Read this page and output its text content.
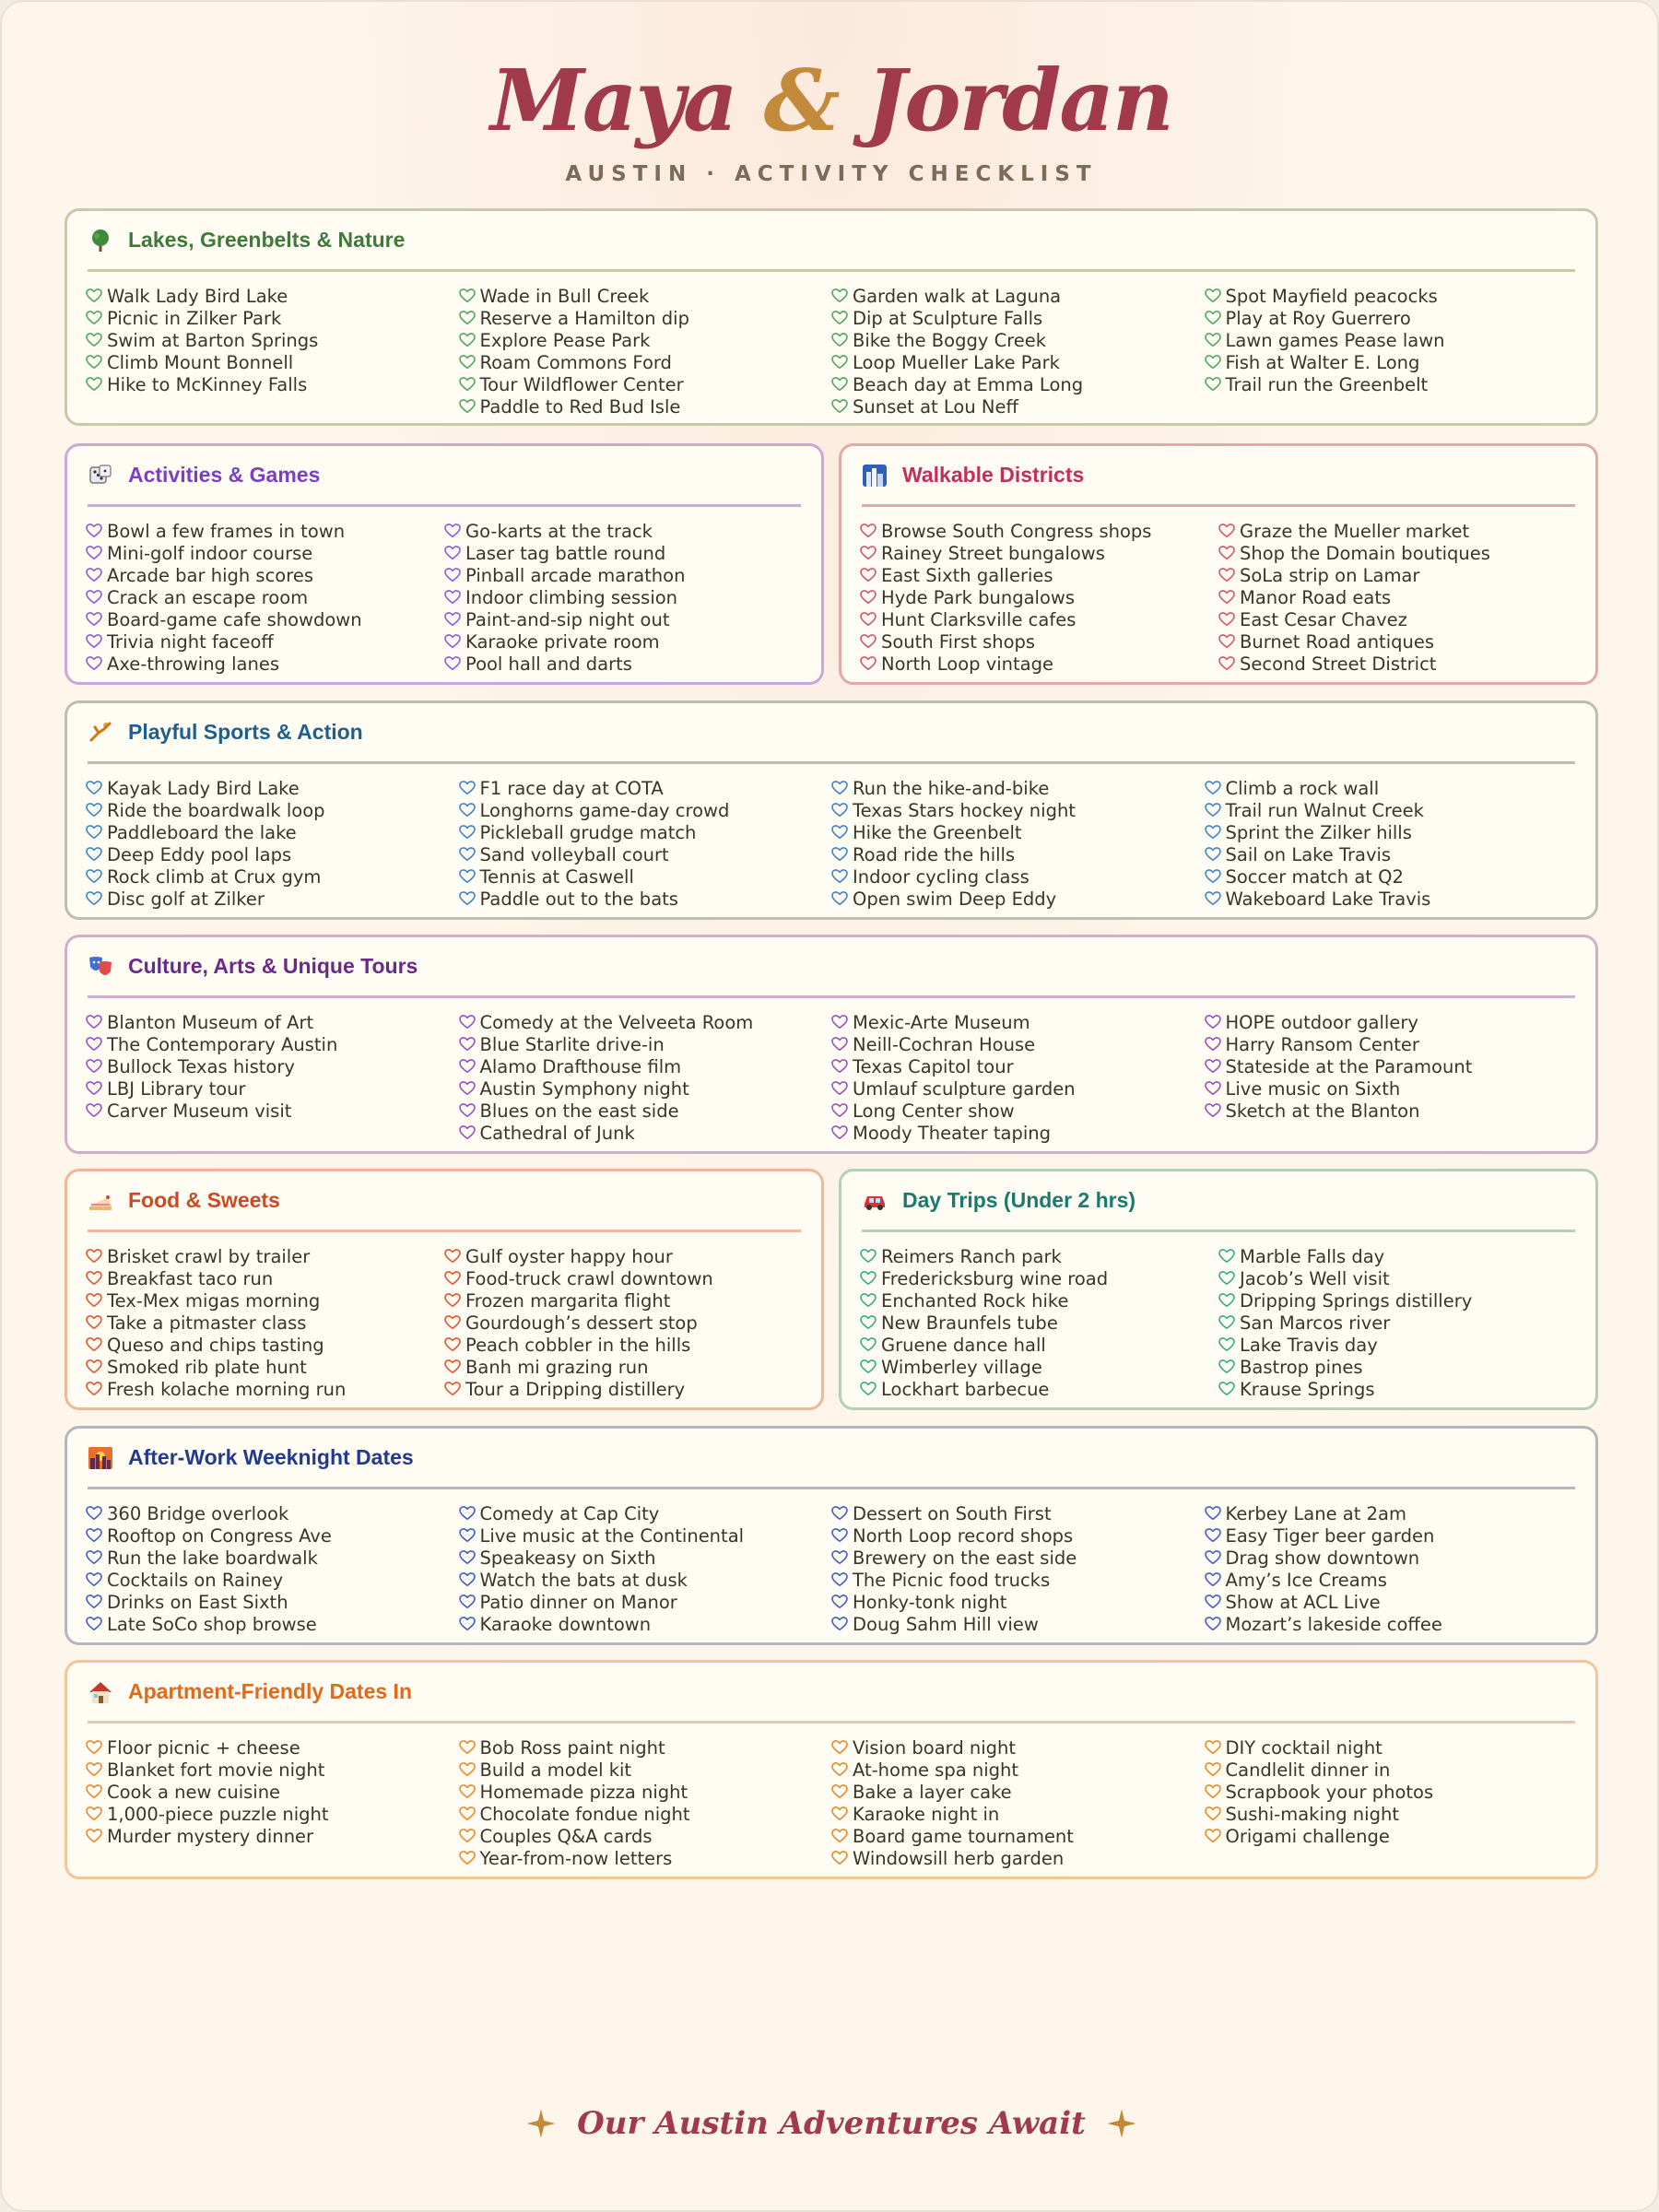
Maya & Jordan
AUSTIN · ACTIVITY CHECKLIST
Lakes, Greenbelts & Nature
Walk Lady Bird Lake
Picnic in Zilker Park
Swim at Barton Springs
Climb Mount Bonnell
Hike to McKinney Falls
Wade in Bull Creek
Reserve a Hamilton dip
Explore Pease Park
Roam Commons Ford
Tour Wildflower Center
Paddle to Red Bud Isle
Garden walk at Laguna
Dip at Sculpture Falls
Bike the Boggy Creek
Loop Mueller Lake Park
Beach day at Emma Long
Sunset at Lou Neff
Spot Mayfield peacocks
Play at Roy Guerrero
Lawn games Pease lawn
Fish at Walter E. Long
Trail run the Greenbelt
Activities & Games
Bowl a few frames in town
Mini-golf indoor course
Arcade bar high scores
Crack an escape room
Board-game cafe showdown
Trivia night faceoff
Axe-throwing lanes
Go-karts at the track
Laser tag battle round
Pinball arcade marathon
Indoor climbing session
Paint-and-sip night out
Karaoke private room
Pool hall and darts
Walkable Districts
Browse South Congress shops
Rainey Street bungalows
East Sixth galleries
Hyde Park bungalows
Hunt Clarksville cafes
South First shops
North Loop vintage
Graze the Mueller market
Shop the Domain boutiques
SoLa strip on Lamar
Manor Road eats
East Cesar Chavez
Burnet Road antiques
Second Street District
Playful Sports & Action
Kayak Lady Bird Lake
Ride the boardwalk loop
Paddleboard the lake
Deep Eddy pool laps
Rock climb at Crux gym
Disc golf at Zilker
F1 race day at COTA
Longhorns game-day crowd
Pickleball grudge match
Sand volleyball court
Tennis at Caswell
Paddle out to the bats
Run the hike-and-bike
Texas Stars hockey night
Hike the Greenbelt
Road ride the hills
Indoor cycling class
Open swim Deep Eddy
Climb a rock wall
Trail run Walnut Creek
Sprint the Zilker hills
Sail on Lake Travis
Soccer match at Q2
Wakeboard Lake Travis
Culture, Arts & Unique Tours
Blanton Museum of Art
The Contemporary Austin
Bullock Texas history
LBJ Library tour
Carver Museum visit
Comedy at the Velveeta Room
Blue Starlite drive-in
Alamo Drafthouse film
Austin Symphony night
Blues on the east side
Cathedral of Junk
Mexic-Arte Museum
Neill-Cochran House
Texas Capitol tour
Umlauf sculpture garden
Long Center show
Moody Theater taping
HOPE outdoor gallery
Harry Ransom Center
Stateside at the Paramount
Live music on Sixth
Sketch at the Blanton
Food & Sweets
Brisket crawl by trailer
Breakfast taco run
Tex-Mex migas morning
Take a pitmaster class
Queso and chips tasting
Smoked rib plate hunt
Fresh kolache morning run
Gulf oyster happy hour
Food-truck crawl downtown
Frozen margarita flight
Gourdough’s dessert stop
Peach cobbler in the hills
Banh mi grazing run
Tour a Dripping distillery
Day Trips (Under 2 hrs)
Reimers Ranch park
Fredericksburg wine road
Enchanted Rock hike
New Braunfels tube
Gruene dance hall
Wimberley village
Lockhart barbecue
Marble Falls day
Jacob’s Well visit
Dripping Springs distillery
San Marcos river
Lake Travis day
Bastrop pines
Krause Springs
After-Work Weeknight Dates
360 Bridge overlook
Rooftop on Congress Ave
Run the lake boardwalk
Cocktails on Rainey
Drinks on East Sixth
Late SoCo shop browse
Comedy at Cap City
Live music at the Continental
Speakeasy on Sixth
Watch the bats at dusk
Patio dinner on Manor
Karaoke downtown
Dessert on South First
North Loop record shops
Brewery on the east side
The Picnic food trucks
Honky-tonk night
Doug Sahm Hill view
Kerbey Lane at 2am
Easy Tiger beer garden
Drag show downtown
Amy’s Ice Creams
Show at ACL Live
Mozart’s lakeside coffee
Apartment-Friendly Dates In
Floor picnic + cheese
Blanket fort movie night
Cook a new cuisine
1,000-piece puzzle night
Murder mystery dinner
Bob Ross paint night
Build a model kit
Homemade pizza night
Chocolate fondue night
Couples Q&A cards
Year-from-now letters
Vision board night
At-home spa night
Bake a layer cake
Karaoke night in
Board game tournament
Windowsill herb garden
DIY cocktail night
Candlelit dinner in
Scrapbook your photos
Sushi-making night
Origami challenge
Our Austin Adventures Await
